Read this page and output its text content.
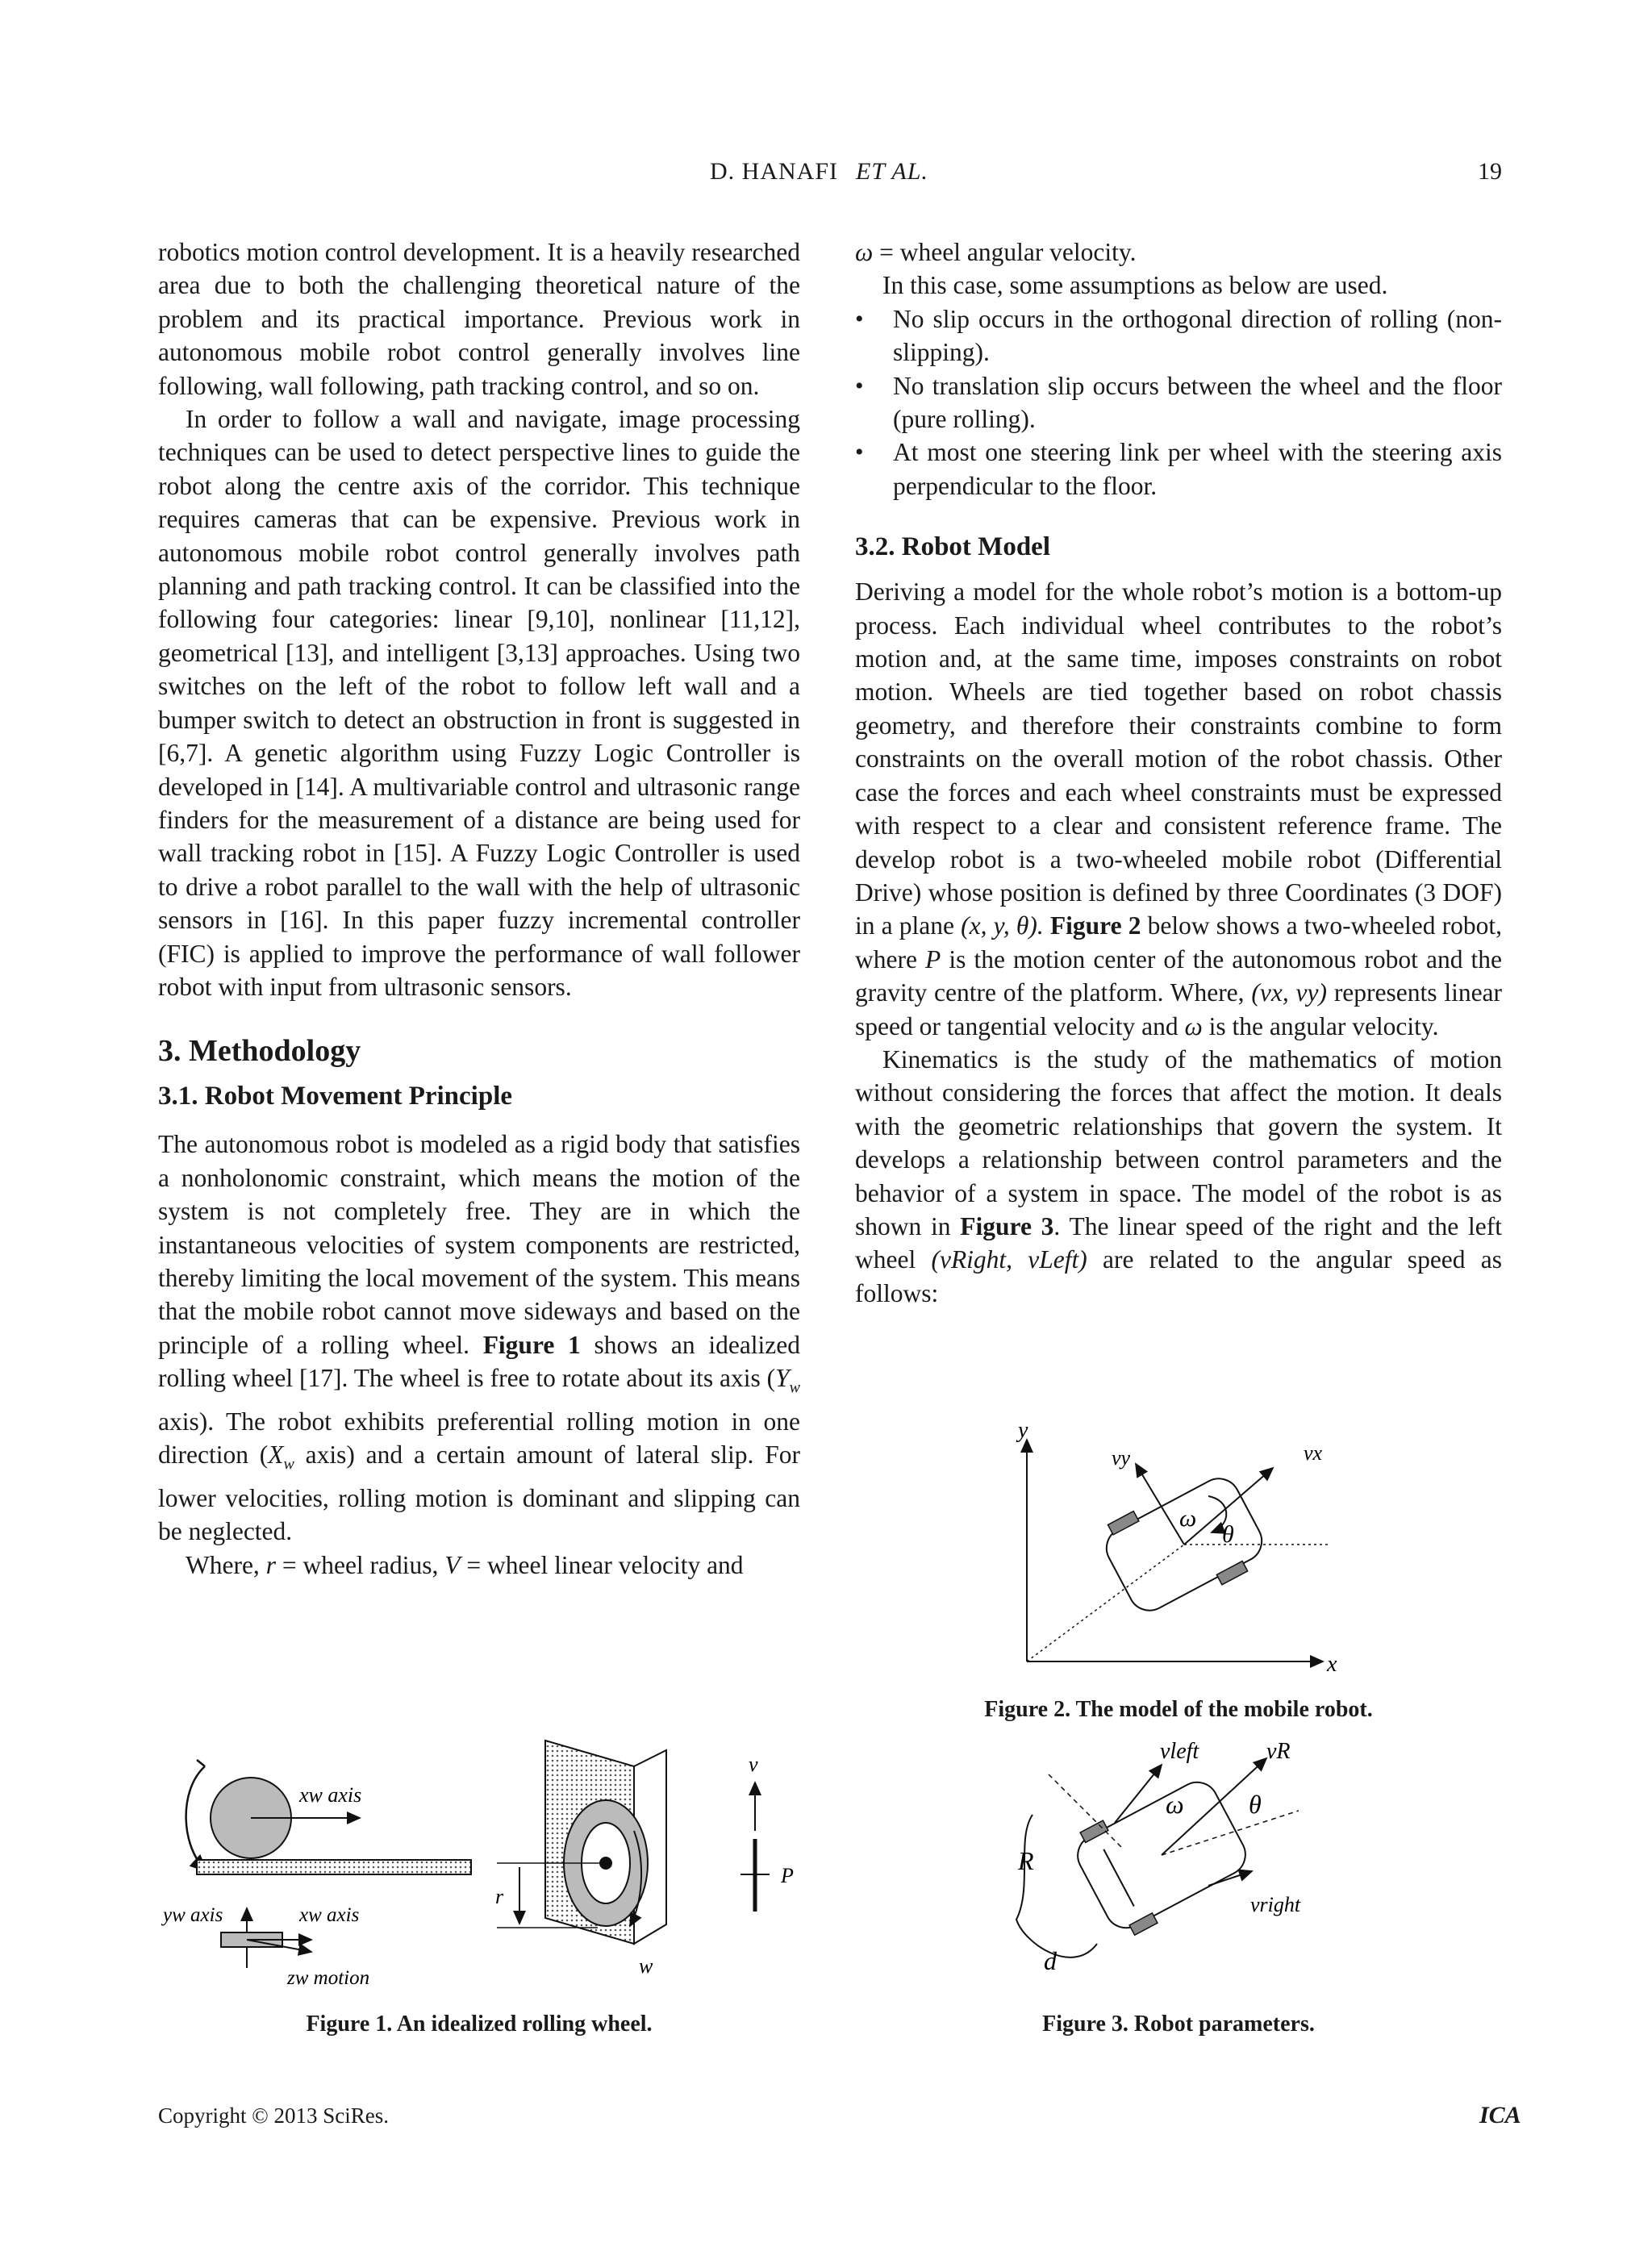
D. HANAFI ET AL.	19

robotics motion control development. It is a heavily researched area due to both the challenging theoretical nature of the problem and its practical importance. Previous work in autonomous mobile robot control generally involves line following, wall following, path tracking control, and so on.

In order to follow a wall and navigate, image processing techniques can be used to detect perspective lines to guide the robot along the centre axis of the corridor. This technique requires cameras that can be expensive. Previous work in autonomous mobile robot control generally involves path planning and path tracking control. It can be classified into the following four categories: linear [9,10], nonlinear [11,12], geometrical [13], and intelligent [3,13] approaches. Using two switches on the left of the robot to follow left wall and a bumper switch to detect an obstruction in front is suggested in [6,7]. A genetic algorithm using Fuzzy Logic Controller is developed in [14]. A multivariable control and ultrasonic range finders for the measurement of a distance are being used for wall tracking robot in [15]. A Fuzzy Logic Controller is used to drive a robot parallel to the wall with the help of ultrasonic sensors in [16]. In this paper fuzzy incremental controller (FIC) is applied to improve the performance of wall follower robot with input from ultrasonic sensors.

3. Methodology
3.1. Robot Movement Principle

The autonomous robot is modeled as a rigid body that satisfies a nonholonomic constraint, which means the motion of the system is not completely free. They are in which the instantaneous velocities of system components are restricted, thereby limiting the local movement of the system. This means that the mobile robot cannot move sideways and based on the principle of a rolling wheel. Figure 1 shows an idealized rolling wheel [17]. The wheel is free to rotate about its axis ($Y_w$ axis). The robot exhibits preferential rolling motion in one direction ($X_w$ axis) and a certain amount of lateral slip. For lower velocities, rolling motion is dominant and slipping can be neglected.

Where, r = wheel radius, V = wheel linear velocity and

ω = wheel angular velocity.

In this case, some assumptions as below are used.

• No slip occurs in the orthogonal direction of rolling (non-slipping).
• No translation slip occurs between the wheel and the floor (pure rolling).
• At most one steering link per wheel with the steering axis perpendicular to the floor.
3.2. Robot Model

Deriving a model for the whole robot’s motion is a bottom-up process. Each individual wheel contributes to the robot’s motion and, at the same time, imposes constraints on robot motion. Wheels are tied together based on robot chassis geometry, and therefore their constraints combine to form constraints on the overall motion of the robot chassis. Other case the forces and each wheel constraints must be expressed with respect to a clear and consistent reference frame. The develop robot is a two-wheeled mobile robot (Differential Drive) whose position is defined by three Coordinates (3 DOF) in a plane (x, y, θ). Figure 2 below shows a two-wheeled robot, where P is the motion center of the autonomous robot and the gravity centre of the platform. Where, (vx, vy) represents linear speed or tangential velocity and ω is the angular velocity.

Kinematics is the study of the mathematics of motion without considering the forces that affect the motion. It deals with the geometric relationships that govern the system. It develops a relationship between control parameters and the behavior of a system in space. The model of the robot is as shown in Figure 3. The linear speed of the right and the left wheel (vRight, vLeft) are related to the angular speed as follows:

y
x
vx
vy
ω
θ
Figure 2. The model of the mobile robot.
xw axis
yw axis	xw axis
zw motion
r
w
v
P
Figure 1. An idealized rolling wheel.
vleft	vR
ω	θ
R
vright
d
Figure 3. Robot parameters.
Copyright © 2013 SciRes.	ICA
